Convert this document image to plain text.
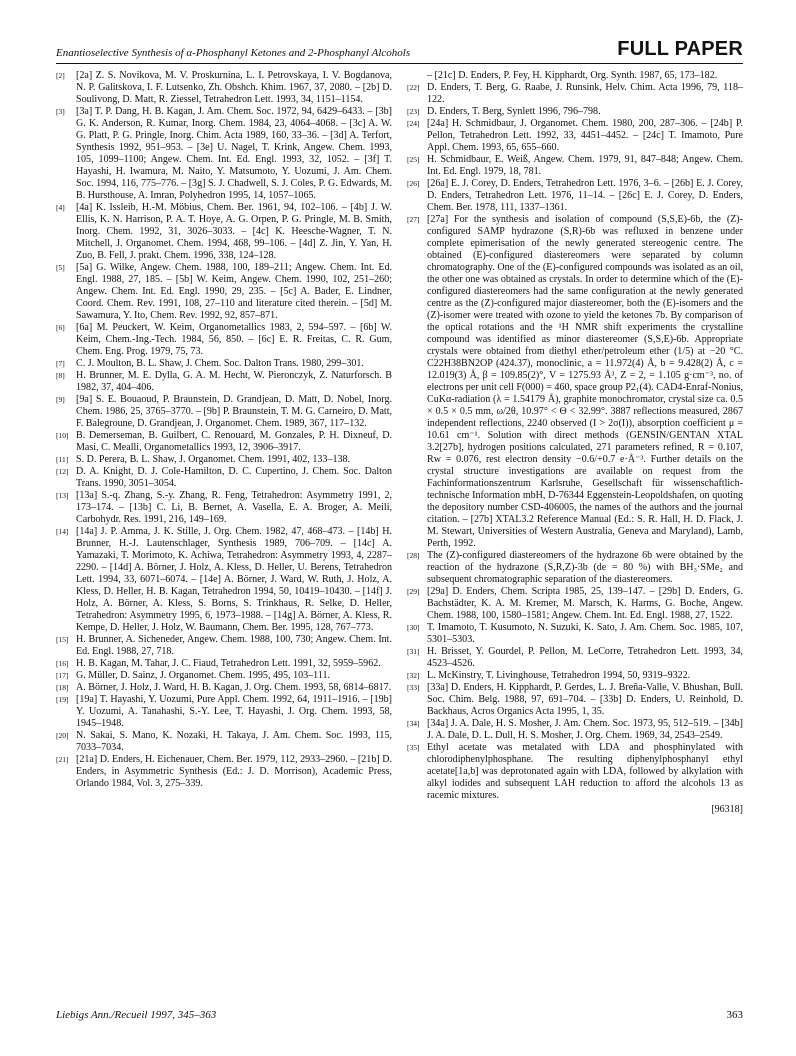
Enantioselective Synthesis of α-Phosphanyl Ketones and 2-Phosphanyl Alcohols	FULL PAPER

[2] [2a] Z. S. Novikova, M. V. Proskurnina, L. I. Petrovskaya, I. V. Bogdanova, N. P. Galitskova, I. F. Lutsenko, Zh. Obshch. Khim. 1967, 37, 2080. – [2b] D. Soulivong, D. Matt, R. Ziessel, Tetrahedron Lett. 1993, 34, 1151–1154.

[3] [3a] T. P. Dang, H. B. Kagan, J. Am. Chem. Soc. 1972, 94, 6429–6433. – [3b] G. K. Anderson, R. Kumar, Inorg. Chem. 1984, 23, 4064–4068. – [3c] A. W. G. Platt, P. G. Pringle, Inorg. Chim. Acta 1989, 160, 33–36. – [3d] A. Terfort, Synthesis 1992, 951–953. – [3e] U. Nagel, T. Krink, Angew. Chem. 1993, 105, 1099–1100; Angew. Chem. Int. Ed. Engl. 1993, 32, 1052. – [3f] T. Hayashi, H. Iwamura, M. Naito, Y. Matsumoto, Y. Uozumi, J. Am. Chem. Soc. 1994, 116, 775–776. – [3g] S. J. Chadwell, S. J. Coles, P. G. Edwards, M. B. Hursthouse, A. Imran, Polyhedron 1995, 14, 1057–1065.

[4] [4a] K. Issleib, H.-M. Möbius, Chem. Ber. 1961, 94, 102–106. – [4b] J. W. Ellis, K. N. Harrison, P. A. T. Hoye, A. G. Orpen, P. G. Pringle, M. B. Smith, Inorg. Chem. 1992, 31, 3026–3033. – [4c] K. Heesche-Wagner, T. N. Mitchell, J. Organomet. Chem. 1994, 468, 99–106. – [4d] Z. Jin, Y. Yan, H. Zuo, B. Fell, J. prakt. Chem. 1996, 338, 124–128.

[5] [5a] G. Wilke, Angew. Chem. 1988, 100, 189–211; Angew. Chem. Int. Ed. Engl. 1988, 27, 185. – [5b] W. Keim, Angew. Chem. 1990, 102, 251–260; Angew. Chem. Int. Ed. Engl. 1990, 29, 235. – [5c] A. Bader, E. Lindner, Coord. Chem. Rev. 1991, 108, 27–110 and literature cited therein. – [5d] M. Sawamura, Y. Ito, Chem. Rev. 1992, 92, 857–871.

[6] [6a] M. Peuckert, W. Keim, Organometallics 1983, 2, 594–597. – [6b] W. Keim, Chem.-Ing.-Tech. 1984, 56, 850. – [6c] E. R. Freitas, C. R. Gum, Chem. Eng. Prog. 1979, 75, 73.

[7] C. J. Moulton, B. L. Shaw, J. Chem. Soc. Dalton Trans. 1980, 299–301.

[8] H. Brunner, M. E. Dylla, G. A. M. Hecht, W. Pieronczyk, Z. Naturforsch. B 1982, 37, 404–406.

[9] [9a] S. E. Bouaoud, P. Braunstein, D. Grandjean, D. Matt, D. Nobel, Inorg. Chem. 1986, 25, 3765–3770. – [9b] P. Braunstein, T. M. G. Carneiro, D. Matt, F. Balegroune, D. Grandjean, J. Organomet. Chem. 1989, 367, 117–132.

[10] B. Demerseman, B. Guilbert, C. Renouard, M. Gonzales, P. H. Dixneuf, D. Masi, C. Mealli, Organometallics 1993, 12, 3906–3917.

[11] S. D. Perera, B. L. Shaw, J. Organomet. Chem. 1991, 402, 133–138.

[12] D. A. Knight, D. J. Cole-Hamilton, D. C. Cupertino, J. Chem. Soc. Dalton Trans. 1990, 3051–3054.

[13] [13a] S.-q. Zhang, S.-y. Zhang, R. Feng, Tetrahedron: Asymmetry 1991, 2, 173–174. – [13b] C. Li, B. Bernet, A. Vasella, E. A. Broger, A. Meili, Carbohydr. Res. 1991, 216, 149–169.

[14] [14a] J. P. Amma, J. K. Stille, J. Org. Chem. 1982, 47, 468–473. – [14b] H. Brunner, H.-J. Lautenschlager, Synthesis 1989, 706–709. – [14c] A. Yamazaki, T. Morimoto, K. Achiwa, Tetrahedron: Asymmetry 1993, 4, 2287–2290. – [14d] A. Börner, J. Holz, A. Kless, D. Heller, U. Berens, Tetrahedron Lett. 1994, 33, 6071–6074. – [14e] A. Börner, J. Ward, W. Ruth, J. Holz, A. Kless, D. Heller, H. B. Kagan, Tetrahedron 1994, 50, 10419–10430. – [14f] J. Holz, A. Börner, A. Kless, S. Borns, S. Trinkhaus, R. Selke, D. Heller, Tetrahedron: Asymmetry 1995, 6, 1973–1988. – [14g] A. Börner, A. Kless, R. Kempe, D. Heller, J. Holz, W. Baumann, Chem. Ber. 1995, 128, 767–773.

[15] H. Brunner, A. Sicheneder, Angew. Chem. 1988, 100, 730; Angew. Chem. Int. Ed. Engl. 1988, 27, 718.

[16] H. B. Kagan, M. Tahar, J. C. Fiaud, Tetrahedron Lett. 1991, 32, 5959–5962.

[17] G. Müller, D. Sainz, J. Organomet. Chem. 1995, 495, 103–111.

[18] A. Börner, J. Holz, J. Ward, H. B. Kagan, J. Org. Chem. 1993, 58, 6814–6817.

[19] [19a] T. Hayashi, Y. Uozumi, Pure Appl. Chem. 1992, 64, 1911–1916. – [19b] Y. Uozumi, A. Tanahashi, S.-Y. Lee, T. Hayashi, J. Org. Chem. 1993, 58, 1945–1948.

[20] N. Sakai, S. Mano, K. Nozaki, H. Takaya, J. Am. Chem. Soc. 1993, 115, 7033–7034.

[21] [21a] D. Enders, H. Eichenauer, Chem. Ber. 1979, 112, 2933–2960. – [21b] D. Enders, in Asymmetric Synthesis (Ed.: J. D. Morrison), Academic Press, Orlando 1984, Vol. 3, 275–339.

– [21c] D. Enders, P. Fey, H. Kipphardt, Org. Synth. 1987, 65, 173–182.

[22] D. Enders, T. Berg, G. Raabe, J. Runsink, Helv. Chim. Acta 1996, 79, 118–122.

[23] D. Enders, T. Berg, Synlett 1996, 796–798.

[24] [24a] H. Schmidbaur, J. Organomet. Chem. 1980, 200, 287–306. – [24b] P. Pellon, Tetrahedron Lett. 1992, 33, 4451–4452. – [24c] T. Imamoto, Pure Appl. Chem. 1993, 65, 655–660.

[25] H. Schmidbaur, E. Weiß, Angew. Chem. 1979, 91, 847–848; Angew. Chem. Int. Ed. Engl. 1979, 18, 781.

[26] [26a] E. J. Corey, D. Enders, Tetrahedron Lett. 1976, 3–6. – [26b] E. J. Corey, D. Enders, Tetrahedron Lett. 1976, 11–14. – [26c] E. J. Corey, D. Enders, Chem. Ber. 1978, 111, 1337–1361.

[27] [27a] For the synthesis and isolation of compound (S,S,E)-6b, the (Z)-configured SAMP hydrazone (S,R)-6b was refluxed in benzene under complete epimerisation of the newly generated stereogenic centre. The obtained (E)-configured diastereomers were separated by column chromatography. One of the (E)-configured compounds was isolated as an oil, the other one was obtained as crystals. In order to determine which of the (E)-configured diastereomers had the same configuration at the newly generated centre as the (Z)-configured major diastereomer, both the (E)-isomers and the (Z)-isomer were treated with ozone to yield the ketones 7b. By comparison of the optical rotations and the ¹H NMR shift experiments the crystalline compound was identified as minor diastereomer (S,S,E)-6b. Appropriate crystals were obtained from diethyl ether/petroleum ether (1/5) at −20 °C. C22H38BN2OP (424.37), monoclinic, a = 11.972(4) Å, b = 9.428(2) Å, c = 12.019(3) Å, β = 109.85(2)°, V = 1275.93 Å³, Z = 2, = 1.105 g·cm⁻³, no. of electrons per unit cell F(000) = 460, space group P2₁(4). CAD4-Enraf-Nonius, CuKα-radiation (λ = 1.54179 Å), graphite monochromator, crystal size ca. 0.5 × 0.5 × 0.5 mm, ω/2θ, 10.97° < Θ < 32.99°. 3887 reflections measured, 2867 independent reflections, 2240 observed (I > 2σ(I)), absorption coefficient μ = 10.61 cm⁻¹. Solution with direct methods (GENSIN/GENTAN XTAL 3.2[27b], hydrogen positions calculated, 271 parameters refined, R = 0.107, Rw = 0.076, rest electron density −0.6/+0.7 e·Å⁻³. Further details on the crystal structure investigations are available on request from the Fachinformationszentrum Karlsruhe, Gesellschaft für wissenschaftlich-technische Information mbH, D-76344 Eggenstein-Leopoldshafen, on quoting the depository number CSD-406005, the names of the authors and the journal citation. – [27b] XTAL3.2 Reference Manual (Ed.: S. R. Hall, H. D. Flack, J. M. Stewart, Universities of Western Australia, Geneva and Maryland), Lamb, Perth, 1992.

[28] The (Z)-configured diastereomers of the hydrazone 6b were obtained by the reaction of the hydrazone (S,R,Z)-3b (de = 80 %) with BH₃·SMe₂ and subsequent chromatographic separation of the diastereomers.

[29] [29a] D. Enders, Chem. Scripta 1985, 25, 139–147. – [29b] D. Enders, G. Bachstädter, K. A. M. Kremer, M. Marsch, K. Harms, G. Boche, Angew. Chem. 1988, 100, 1580–1581; Angew. Chem. Int. Ed. Engl. 1988, 27, 1522.

[30] T. Imamoto, T. Kusumoto, N. Suzuki, K. Sato, J. Am. Chem. Soc. 1985, 107, 5301–5303.

[31] H. Brisset, Y. Gourdel, P. Pellon, M. LeCorre, Tetrahedron Lett. 1993, 34, 4523–4526.

[32] L. McKinstry, T. Livinghouse, Tetrahedron 1994, 50, 9319–9322.

[33] [33a] D. Enders, H. Kipphardt, P. Gerdes, L. J. Breña-Valle, V. Bhushan, Bull. Soc. Chim. Belg. 1988, 97, 691–704. – [33b] D. Enders, U. Reinhold, D. Backhaus, Acros Organics Acta 1995, 1, 35.

[34] [34a] J. A. Dale, H. S. Mosher, J. Am. Chem. Soc. 1973, 95, 512–519. – [34b] J. A. Dale, D. L. Dull, H. S. Mosher, J. Org. Chem. 1969, 34, 2543–2549.

[35] Ethyl acetate was metalated with LDA and phosphinylated with chlorodiphenylphosphane. The resulting diphenylphosphanyl ethyl acetate[1a,b] was deprotonated again with LDA, followed by alkylation with alkyl iodides and subsequent LAH reduction to afford the alcohols 13 as racemic mixtures.

[96318]
Liebigs Ann./Recueil 1997, 345–363	363
